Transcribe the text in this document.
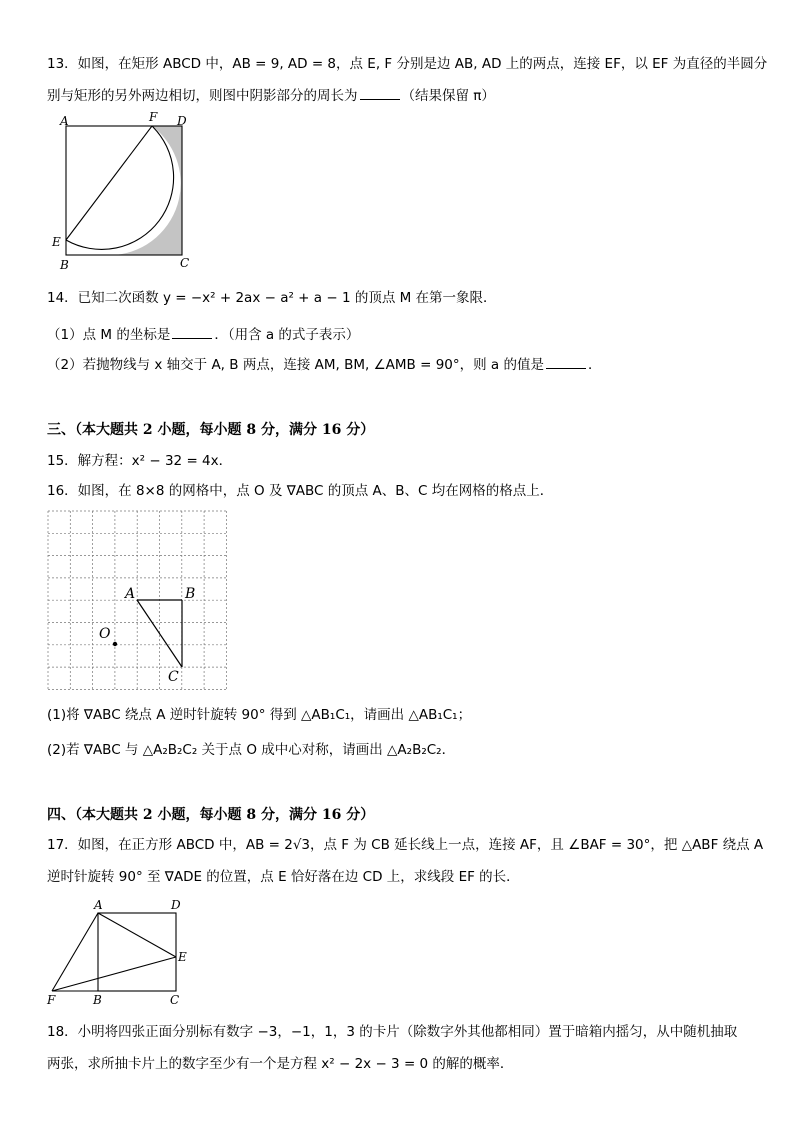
13．如图，在矩形 ABCD 中，AB = 9, AD = 8，点 E, F 分别是边 AB, AD 上的两点，连接 EF，以 EF 为直径的半圆分
别与矩形的另外两边相切，则图中阴影部分的周长为	（结果保留 π）
A	F D
E
B	C
14．已知二次函数 y = −x² + 2ax − a² + a − 1 的顶点 M 在第一象限．
（1）点 M 的坐标是	．（用含 a 的式子表示）
（2）若抛物线与 x 轴交于 A, B 两点，连接 AM, BM, ∠AMB = 90°，则 a 的值是	．
三、（本大题共 2 小题，每小题 8 分，满分 16 分）
15．解方程：x² − 32 = 4x．
16．如图，在 8×8 的网格中，点 O 及 ∇ABC 的顶点 A、B、C 均在网格的格点上．
A	B
C
O
(1)将 ∇ABC 绕点 A 逆时针旋转 90° 得到 △AB₁C₁，请画出 △AB₁C₁；
(2)若 ∇ABC 与 △A₂B₂C₂ 关于点 O 成中心对称，请画出 △A₂B₂C₂．
四、（本大题共 2 小题，每小题 8 分，满分 16 分）
17．如图，在正方形 ABCD 中，AB = 2√3，点 F 为 CB 延长线上一点，连接 AF，且 ∠BAF = 30°，把 △ABF 绕点 A
逆时针旋转 90° 至 ∇ADE 的位置，点 E 恰好落在边 CD 上，求线段 EF 的长．
A	D
E
F	B	C
18．小明将四张正面分别标有数字 −3，−1，1，3 的卡片（除数字外其他都相同）置于暗箱内摇匀，从中随机抽取
两张，求所抽卡片上的数字至少有一个是方程 x² − 2x − 3 = 0 的解的概率．
